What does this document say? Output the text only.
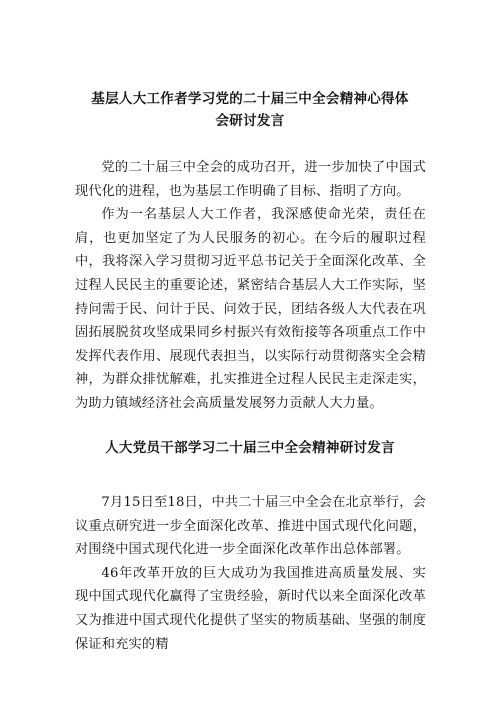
基层人大工作者学习党的二十届三中全会精神心得体
会研讨发言

党的二十届三中全会的成功召开，进一步加快了中国式现代化的进程，也为基层工作明确了目标、指明了方向。

作为一名基层人大工作者，我深感使命光荣，责任在肩，也更加坚定了为人民服务的初心。在今后的履职过程中，我将深入学习贯彻习近平总书记关于全面深化改革、全过程人民民主的重要论述，紧密结合基层人大工作实际，坚持问需于民、问计于民、问效于民，团结各级人大代表在巩固拓展脱贫攻坚成果同乡村振兴有效衔接等各项重点工作中发挥代表作用、展现代表担当，以实际行动贯彻落实全会精神，为群众排忧解难，扎实推进全过程人民民主走深走实，为助力镇域经济社会高质量发展努力贡献人大力量。

人大党员干部学习二十届三中全会精神研讨发言

7月15日至18日，中共二十届三中全会在北京举行，会议重点研究进一步全面深化改革、推进中国式现代化问题，对围绕中国式现代化进一步全面深化改革作出总体部署。

46年改革开放的巨大成功为我国推进高质量发展、实现中国式现代化赢得了宝贵经验，新时代以来全面深化改革又为推进中国式现代化提供了坚实的物质基础、坚强的制度保证和充实的精
